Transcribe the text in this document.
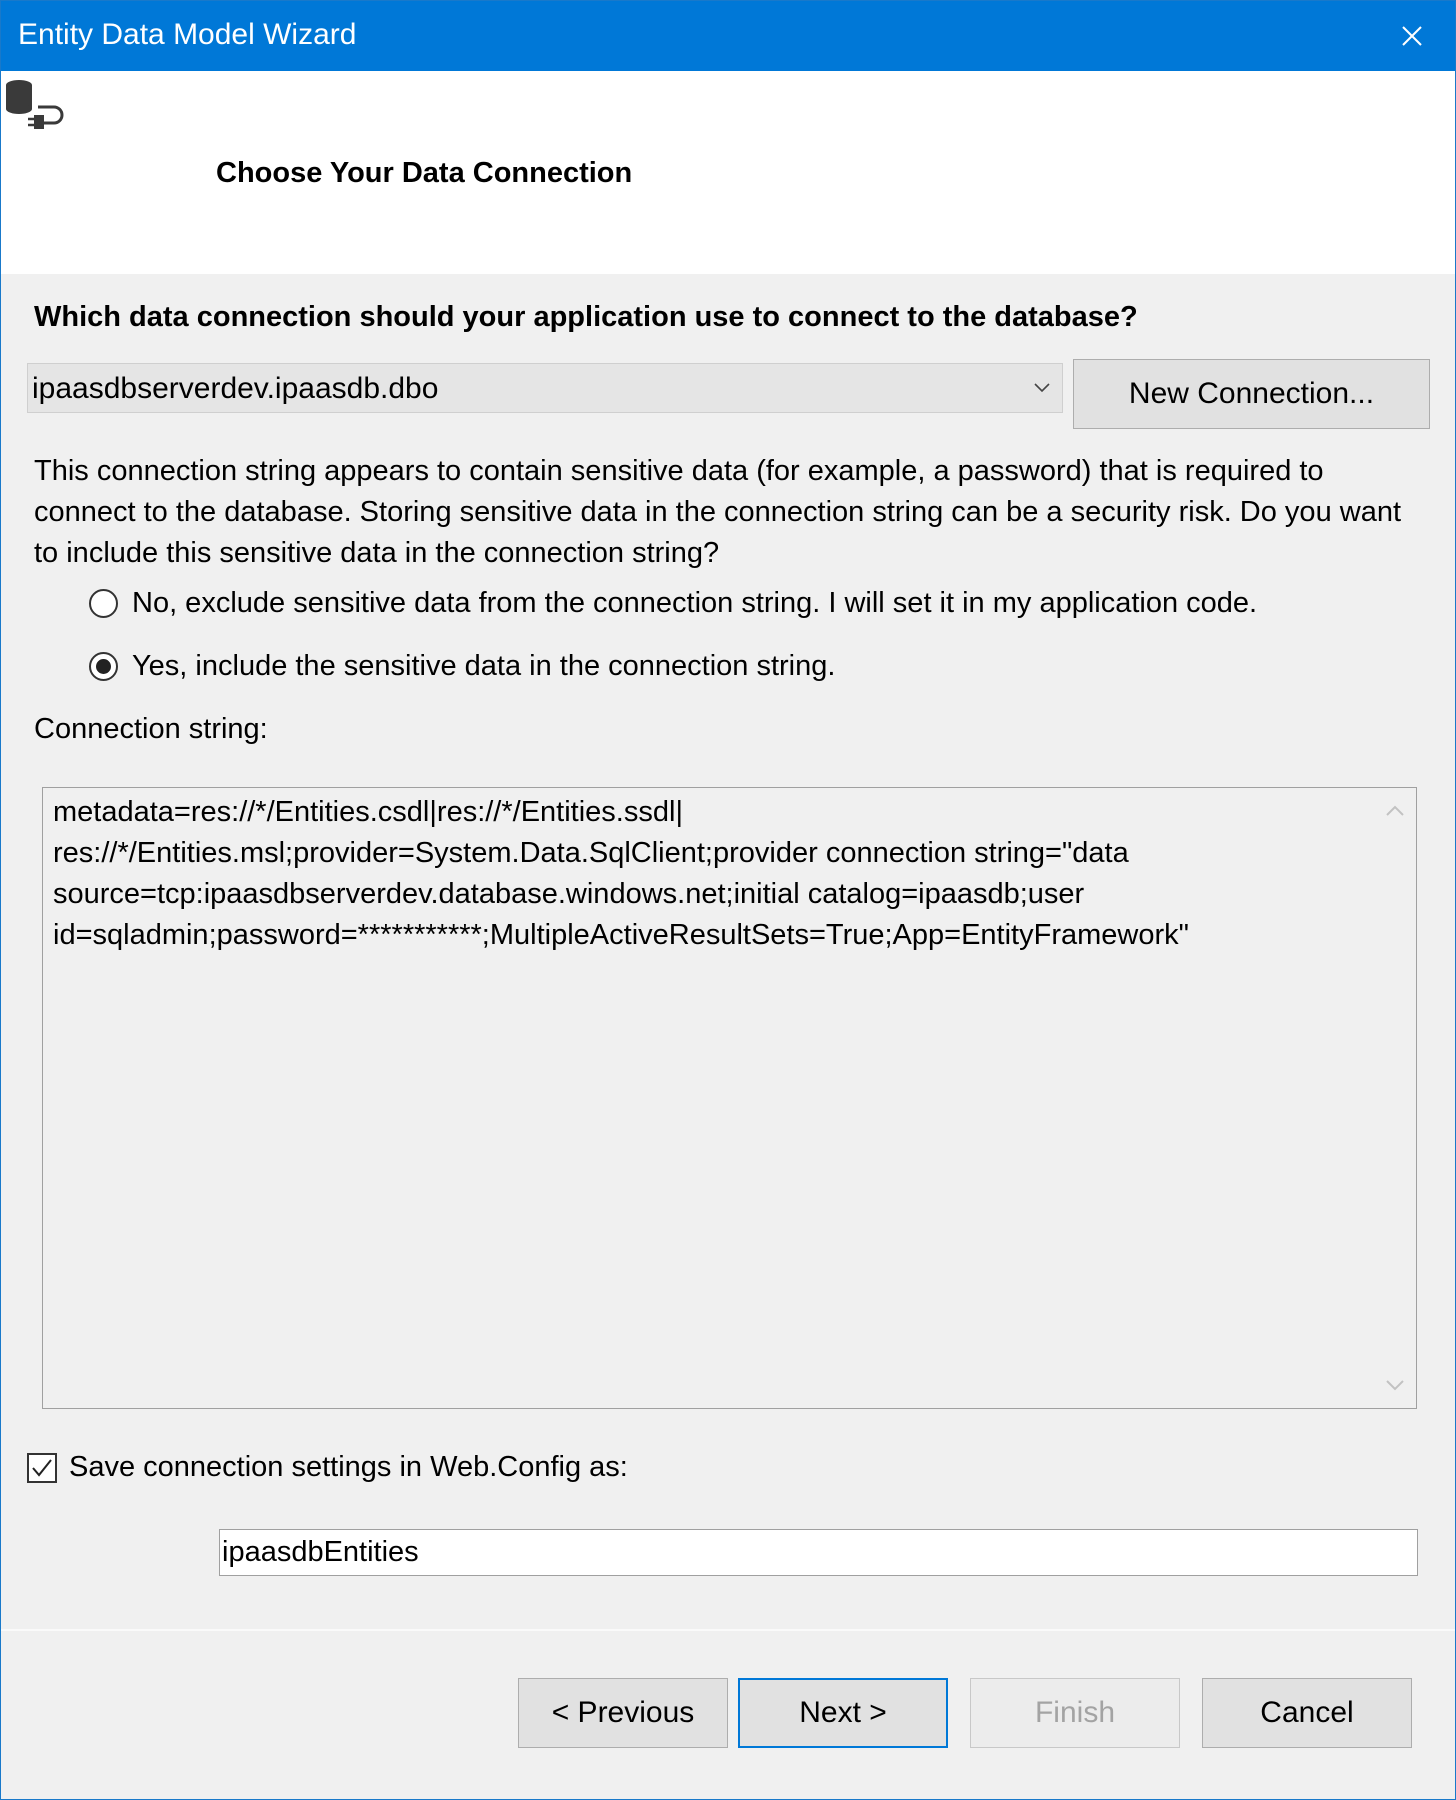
Entity Data Model Wizard
Choose Your Data Connection
Which data connection should your application use to connect to the database?
ipaasdbserverdev.ipaasdb.dbo	New Connection...
This connection string appears to contain sensitive data (for example, a password) that is required to connect to the database. Storing sensitive data in the connection string can be a security risk. Do you want to include this sensitive data in the connection string?
No, exclude sensitive data from the connection string. I will set it in my application code.
Yes, include the sensitive data in the connection string.
Connection string:
metadata=res://*/Entities.csdl|res://*/Entities.ssdl|
res://*/Entities.msl;provider=System.Data.SqlClient;provider connection string="data
source=tcp:ipaasdbserverdev.database.windows.net;initial catalog=ipaasdb;user
id=sqladmin;password=***********;MultipleActiveResultSets=True;App=EntityFramework"
Save connection settings in Web.Config as:
ipaasdbEntities
< Previous	Next >	Finish	Cancel
